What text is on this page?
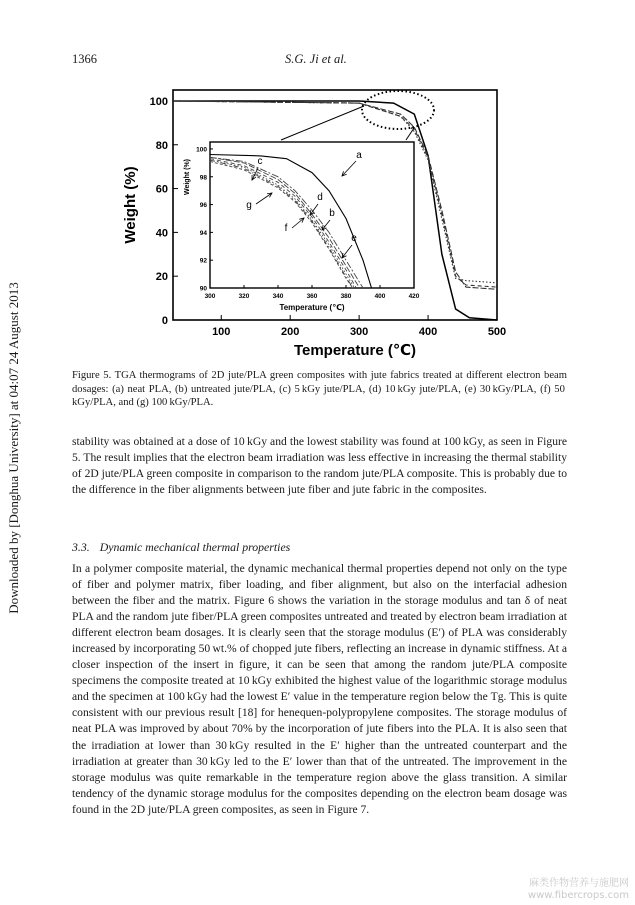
1366	S.G. Ji et al.
Downloaded by [Donghua University] at 04:07 24 August 2013	100	200	300	400	500
0
20
40
60
80
100
Temperature (℃)
Weight (%)
300	320	340	360	380	400	420
90
92
94
96
98
100
Temperature (℃)
Weight (%)
a
c
g
d
b
f
e
Figure 5. TGA thermograms of 2D jute/PLA green composites with jute fabrics treated at different electron beam dosages: (a) neat PLA, (b) untreated jute/PLA, (c) 5 kGy jute/PLA, (d) 10 kGy jute/PLA, (e) 30 kGy/PLA, (f) 50 kGy/PLA, and (g) 100 kGy/PLA.

stability was obtained at a dose of 10 kGy and the lowest stability was found at 100 kGy, as seen in Figure 5. The result implies that the electron beam irradiation was less effective in increasing the thermal stability of 2D jute/PLA green composite in comparison to the random jute/PLA composite. This is probably due to the difference in the fiber alignments between jute fiber and jute fabric in the composites.

3.3. Dynamic mechanical thermal properties

In a polymer composite material, the dynamic mechanical thermal properties depend not only on the type of fiber and polymer matrix, fiber loading, and fiber alignment, but also on the interfacial adhesion between the fiber and the matrix. Figure 6 shows the variation in the storage modulus and tan δ of neat PLA and the random jute fiber/PLA green composites untreated and treated by electron beam irradiation at different electron beam dosages. It is clearly seen that the storage modulus (E′) of PLA was considerably increased by incorporating 50 wt.% of chopped jute fibers, reflecting an increase in dynamic stiffness. At a closer inspection of the insert in figure, it can be seen that among the random jute/PLA composite specimens the composite treated at 10 kGy exhibited the highest value of the logarithmic storage modulus and the specimen at 100 kGy had the lowest E′ value in the temperature region below the Tg. This is quite consistent with our previous result [18] for henequen-polypropylene composites. The storage modulus of neat PLA was improved by about 70% by the incorporation of jute fibers into the PLA. It is also seen that the irradiation at lower than 30 kGy resulted in the E′ higher than the untreated counterpart and the irradiation at greater than 30 kGy led to the E′ lower than that of the untreated. The improvement in the storage modulus was quite remarkable in the temperature region above the glass transition. A similar tendency of the dynamic storage modulus for the composites depending on the electron beam dosage was found in the 2D jute/PLA green composites, as seen in Figure 7.

麻类作物营养与施肥网
www.fibercrops.com
